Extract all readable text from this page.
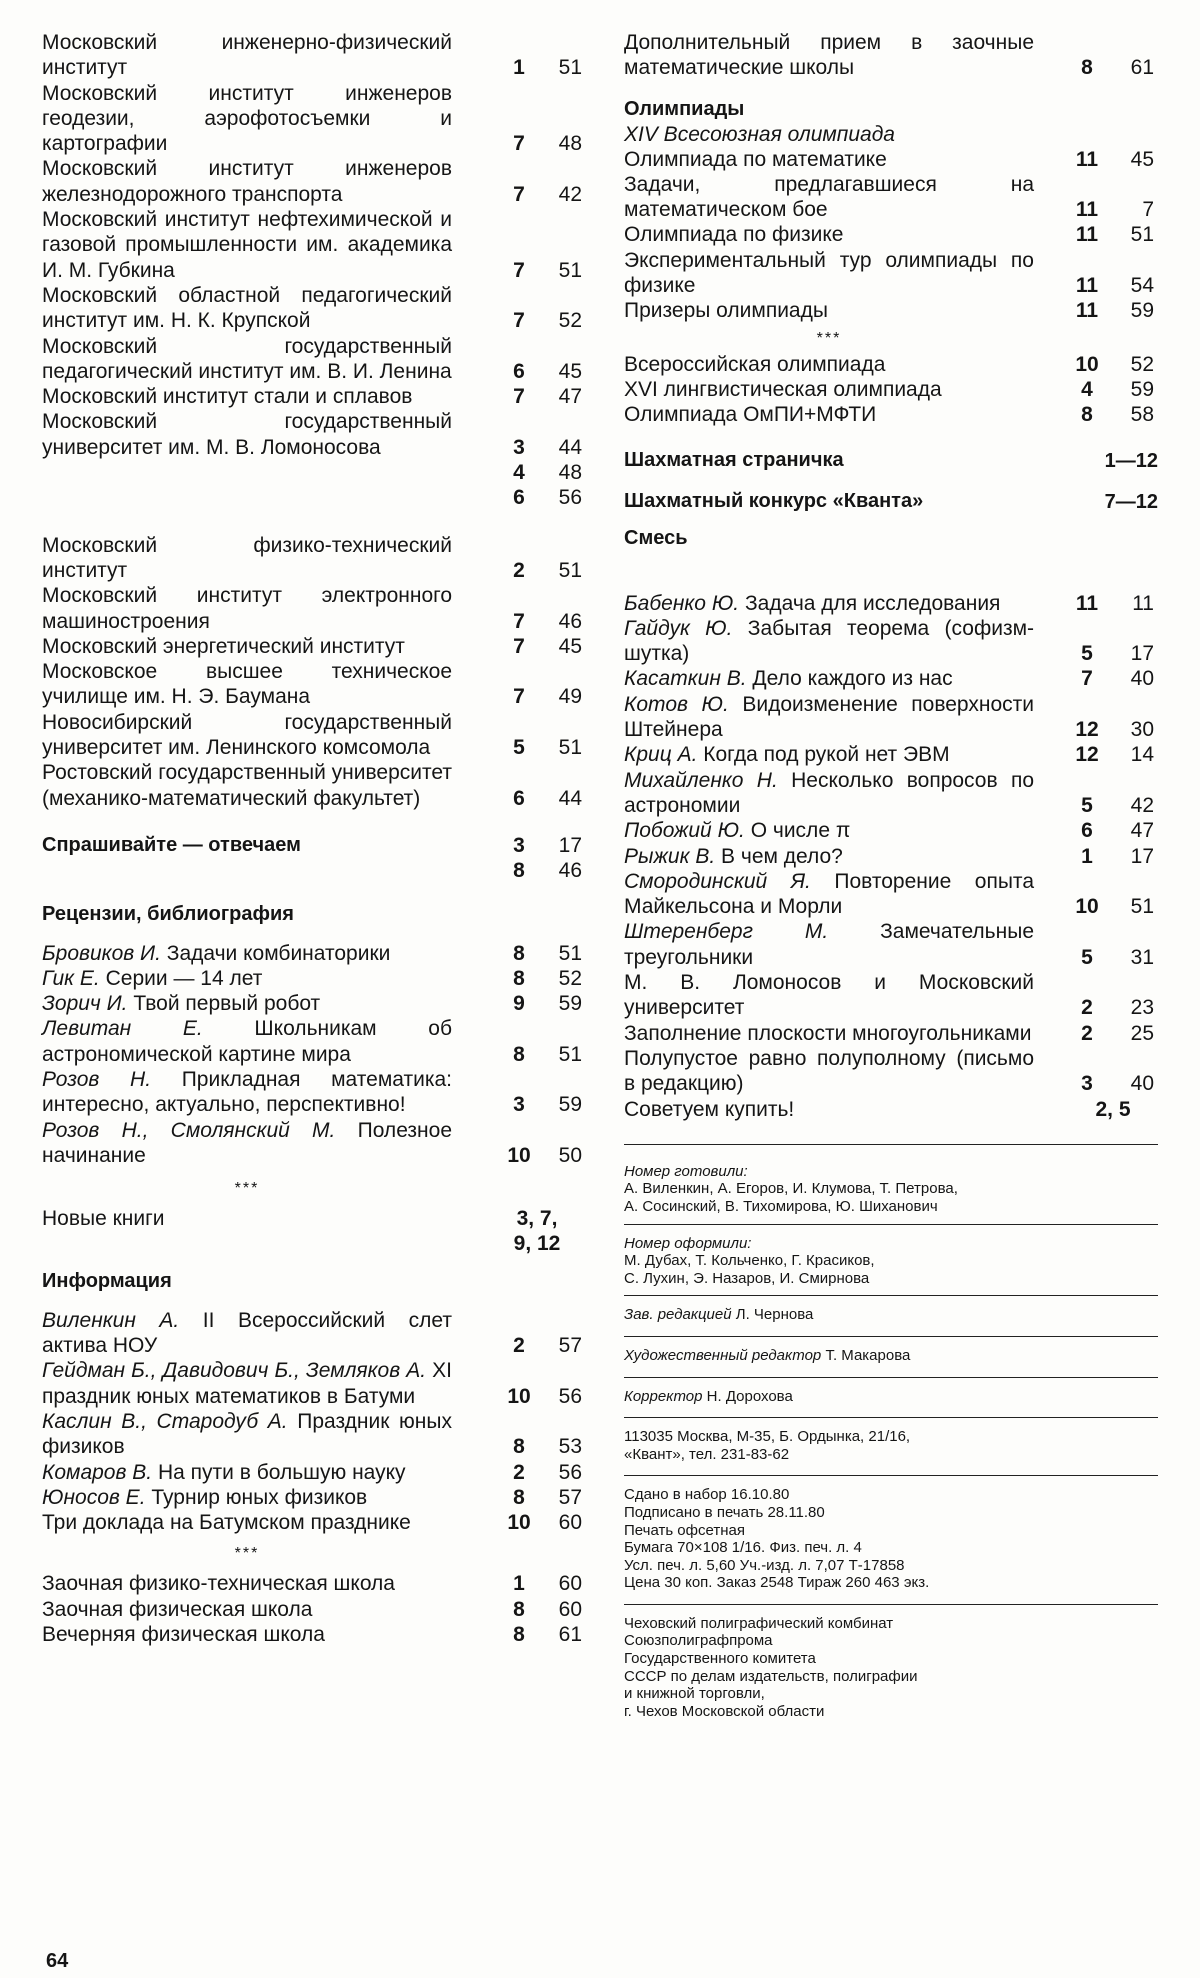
Московский инженерно-физический институт	1	51
Московский институт инженеров геодезии, аэрофотосъемки и картографии	7	48
Московский институт инженеров железнодорожного транспорта	7	42
Московский институт нефтехимической и газовой промышленности им. академика И. М. Губкина	7	51
Московский областной педагогический институт им. Н. К. Крупской	7	52
Московский государственный педагогический институт им. В. И. Ленина	6	45
Московский институт стали и сплавов	7	47
Московский государственный университет им. М. В. Ломоносова	3	44
4	48
6	56
Московский физико-технический институт	2	51
Московский институт электронного машиностроения	7	46
Московский энергетический институт	7	45
Московское высшее техническое училище им. Н. Э. Баумана	7	49
Новосибирский государственный университет им. Ленинского комсомола	5	51
Ростовский государственный университет (механико-математический факультет)	6	44
Спрашивайте — отвечаем	3	17
8	46
Рецензии, библиография
Бровиков И. Задачи комбинаторики	8	51
Гик Е. Серии — 14 лет	8	52
Зорич И. Твой первый робот	9	59
Левитан Е. Школьникам об астрономической картине мира	8	51
Розов Н. Прикладная математика: интересно, актуально, перспективно!	3	59
Розов Н., Смолянский М. Полезное начинание	10	50
***
Новые книги	3, 7,
9, 12
Информация
Виленкин А. II Всероссийский слет актива НОУ	2	57
Гейдман Б., Давидович Б., Земляков А. XI праздник юных математиков в Батуми	10	56
Каслин В., Стародуб А. Праздник юных физиков	8	53
Комаров В. На пути в большую науку	2	56
Юносов Е. Турнир юных физиков	8	57
Три доклада на Батумском празднике	10	60
***
Заочная физико-техническая школа	1	60
Заочная физическая школа	8	60
Вечерняя физическая школа	8	61
Дополнительный прием в заочные математические школы	8	61
Олимпиады
XIV Всесоюзная олимпиада
Олимпиада по математике	11	45
Задачи, предлагавшиеся на математическом бое	11	7
Олимпиада по физике	11	51
Экспериментальный тур олимпиады по физике	11	54
Призеры олимпиады	11	59
***
Всероссийская олимпиада	10	52
XVI лингвистическая олимпиада	4	59
Олимпиада ОмПИ+МФТИ	8	58
Шахматная страничка	1—12
Шахматный конкурс «Кванта»	7—12
Смесь
Бабенко Ю. Задача для исследования	11	11
Гайдук Ю. Забытая теорема (софизм-шутка)	5	17
Касаткин В. Дело каждого из нас	7	40
Котов Ю. Видоизменение поверхности Штейнера	12	30
Криц А. Когда под рукой нет ЭВМ	12	14
Михайленко Н. Несколько вопросов по астрономии	5	42
Побожий Ю. О числе π	6	47
Рыжик В. В чем дело?	1	17
Смородинский Я. Повторение опыта Майкельсона и Морли	10	51
Штеренберг М. Замечательные треугольники	5	31
М. В. Ломоносов и Московский университет	2	23
Заполнение плоскости многоугольниками	2	25
Полупустое равно полуполному (письмо в редакцию)	3	40
Советуем купить!	2, 5
Номер готовили:
А. Виленкин, А. Егоров, И. Клумова, Т. Петрова,
А. Сосинский, В. Тихомирова, Ю. Шиханович
Номер оформили:
М. Дубах, Т. Кольченко, Г. Красиков,
С. Лухин, Э. Назаров, И. Смирнова
Зав. редакцией Л. Чернова
Художественный редактор Т. Макарова
Корректор Н. Дорохова
113035 Москва, М-35, Б. Ордынка, 21/16,
«Квант», тел. 231-83-62
Сдано в набор 16.10.80
Подписано в печать 28.11.80
Печать офсетная
Бумага 70×108 1/16. Физ. печ. л. 4
Усл. печ. л. 5,60 Уч.-изд. л. 7,07 Т-17858
Цена 30 коп. Заказ 2548 Тираж 260 463 экз.
Чеховский полиграфический комбинат
Союзполиграфпрома
Государственного комитета
СССР по делам издательств, полиграфии
и книжной торговли,
г. Чехов Московской области
64
